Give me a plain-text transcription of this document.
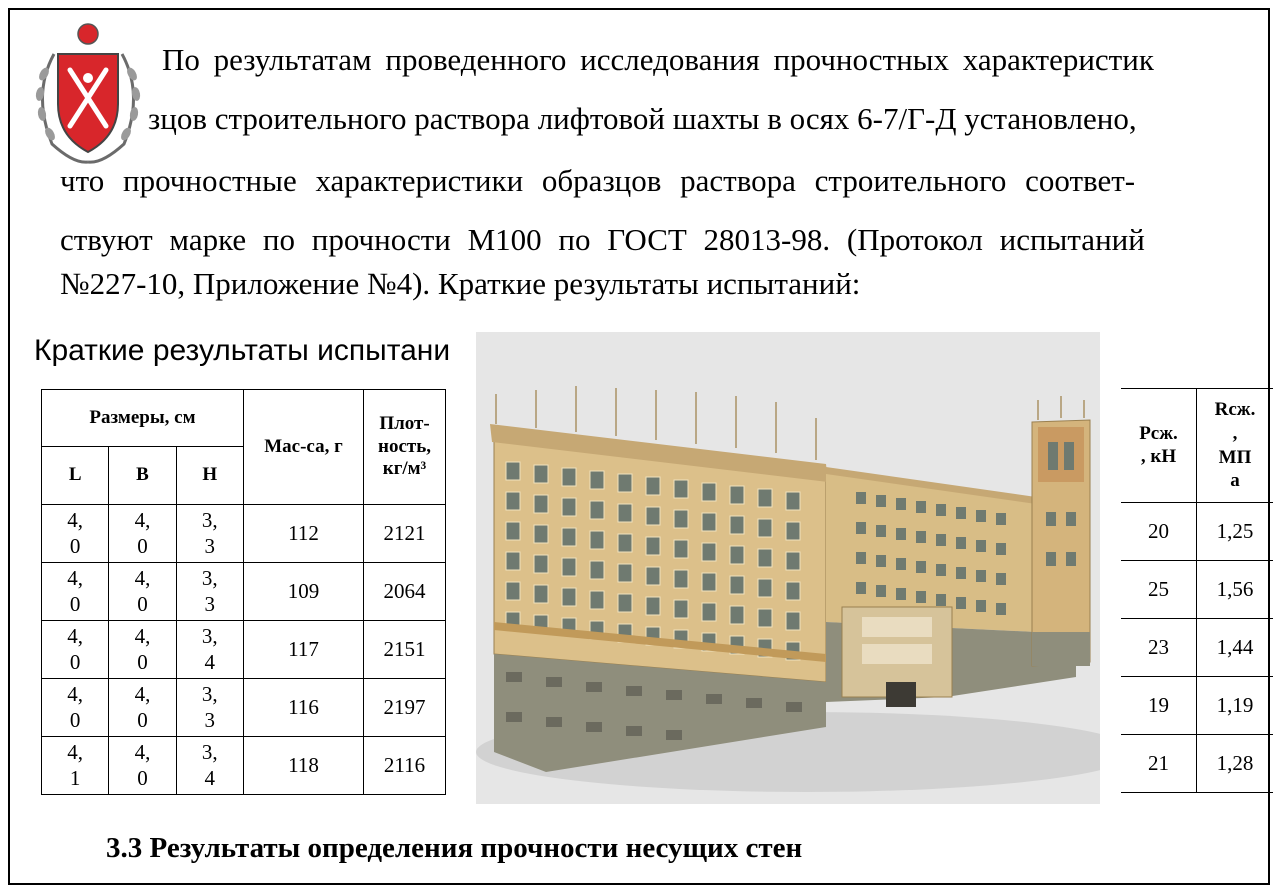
По результатам проведенного исследования прочностных характеристик
зцов строительного раствора лифтовой шахты в осях 6-7/Г-Д установлено,
что прочностные характеристики образцов раствора строительного соответ-
ствуют марке по прочности М100 по ГОСТ 28013-98. (Протокол испытаний
№227-10, Приложение №4). Краткие результаты испытаний:
Краткие результаты испытани
Размеры, см			Мас-са, г	Плот-ность, кг/м³
L	B	H		
4,
0	4,
0	3,
3	112	2121
4,
0	4,
0	3,
3	109	2064
4,
0	4,
0	3,
4	117	2151
4,
0	4,
0	3,
3	116	2197
4,
1	4,
0	3,
4	118	2116
Рсж.
, кН	Rсж.
,
МП
а
20	1,25
25	1,56
23	1,44
19	1,19
21	1,28
3.3 Результаты определения прочности несущих стен
